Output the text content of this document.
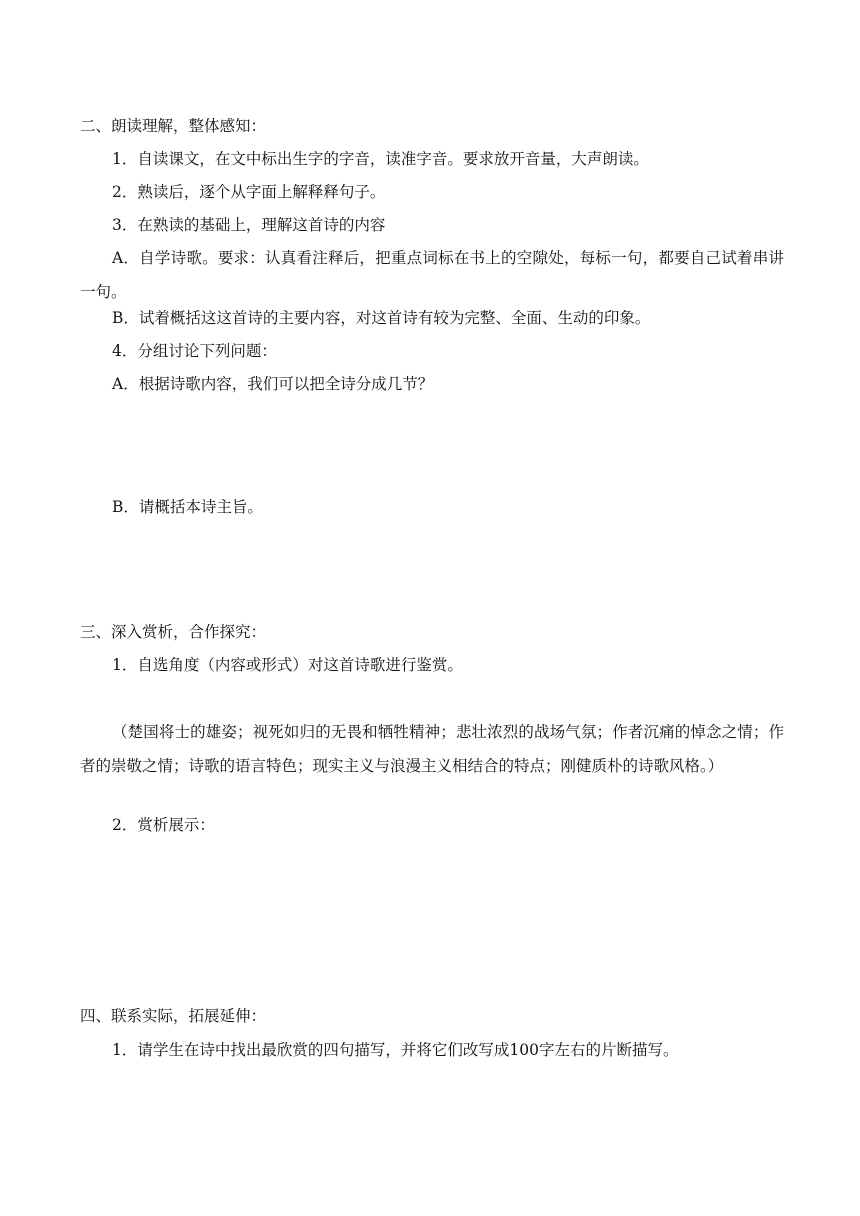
二、朗读理解，整体感知：
1．自读课文，在文中标出生字的字音，读准字音。要求放开音量，大声朗读。
2．熟读后，逐个从字面上解释释句子。
3．在熟读的基础上，理解这首诗的内容
A．自学诗歌。要求：认真看注释后，把重点词标在书上的空隙处，每标一句，都要自己试着串讲一句。
B．试着概括这这首诗的主要内容，对这首诗有较为完整、全面、生动的印象。
4．分组讨论下列问题：
A．根据诗歌内容，我们可以把全诗分成几节？
B．请概括本诗主旨。
三、深入赏析，合作探究：
1．自选角度（内容或形式）对这首诗歌进行鉴赏。
（楚国将士的雄姿；视死如归的无畏和牺牲精神；悲壮浓烈的战场气氛；作者沉痛的悼念之情；作者的崇敬之情；诗歌的语言特色；现实主义与浪漫主义相结合的特点；刚健质朴的诗歌风格。）
2．赏析展示：
四、联系实际，拓展延伸：
1．请学生在诗中找出最欣赏的四句描写，并将它们改写成100字左右的片断描写。
